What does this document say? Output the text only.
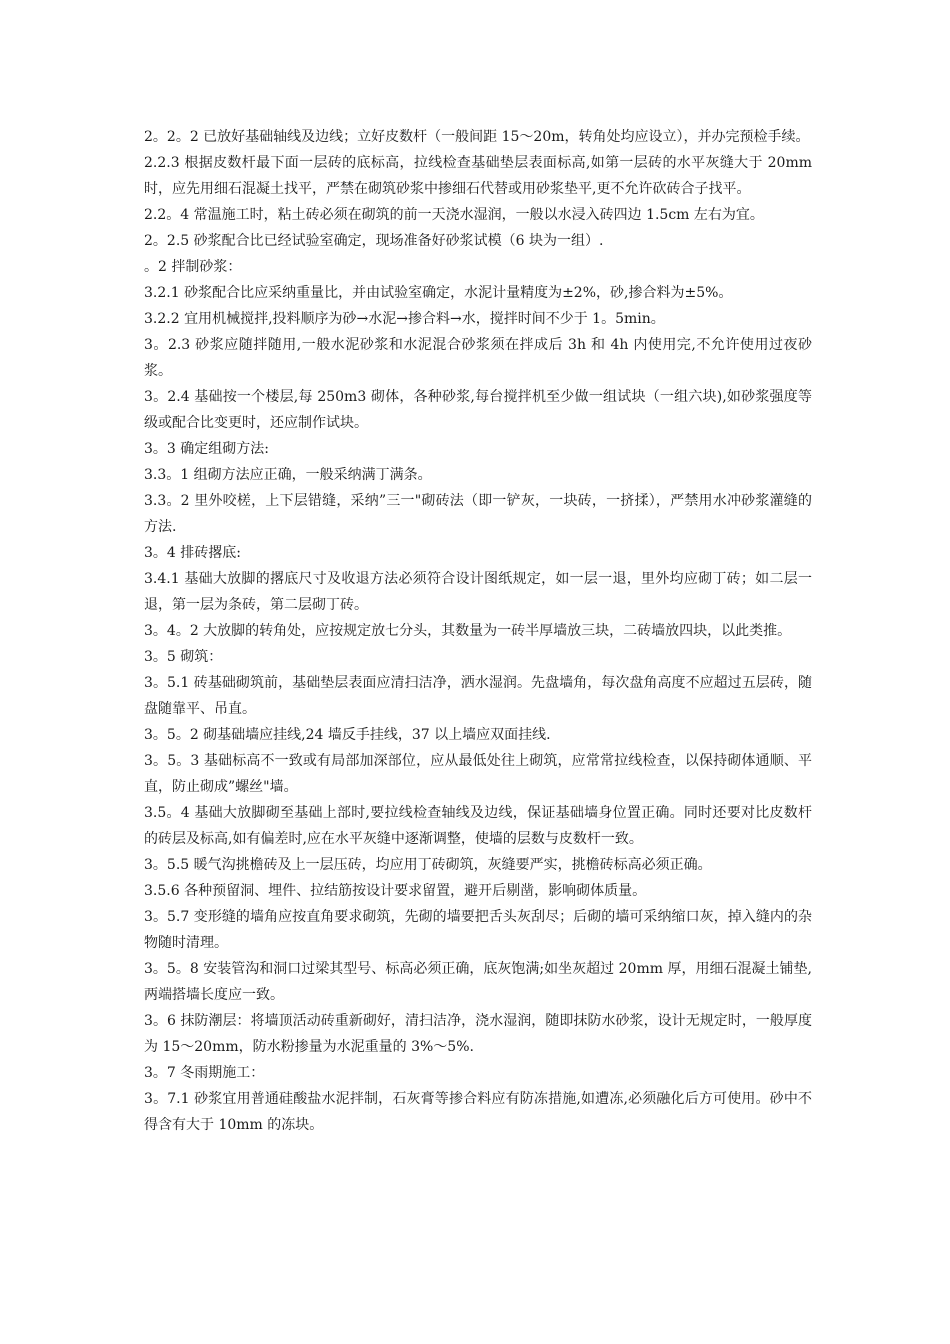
2。2。2 已放好基础轴线及边线；立好皮数杆（一般间距 15～20m，转角处均应设立），并办完预检手续。

2.2.3 根据皮数杆最下面一层砖的底标高，拉线检查基础垫层表面标高,如第一层砖的水平灰缝大于 20mm 时，应先用细石混凝土找平，严禁在砌筑砂浆中掺细石代替或用砂浆垫平,更不允许砍砖合子找平。

2.2。4 常温施工时，粘土砖必须在砌筑的前一天浇水湿润，一般以水浸入砖四边 1.5cm 左右为宜。

2。2.5 砂浆配合比已经试验室确定，现场准备好砂浆试模（6 块为一组）.

。2 拌制砂浆：

3.2.1 砂浆配合比应采纳重量比，并由试验室确定，水泥计量精度为±2%，砂,掺合料为±5%。

3.2.2 宜用机械搅拌,投料顺序为砂→水泥→掺合料→水，搅拌时间不少于 1。5min。

3。2.3 砂浆应随拌随用,一般水泥砂浆和水泥混合砂浆须在拌成后 3h 和 4h 内使用完,不允许使用过夜砂浆。

3。2.4 基础按一个楼层,每 250m3 砌体，各种砂浆,每台搅拌机至少做一组试块（一组六块),如砂浆强度等级或配合比变更时，还应制作试块。

3。3 确定组砌方法:

3.3。1 组砌方法应正确，一般采纳满丁满条。

3.3。2 里外咬槎，上下层错缝，采纳”三一"砌砖法（即一铲灰，一块砖，一挤揉），严禁用水冲砂浆灌缝的方法.

3。4 排砖撂底:

3.4.1 基础大放脚的撂底尺寸及收退方法必须符合设计图纸规定，如一层一退，里外均应砌丁砖；如二层一退，第一层为条砖，第二层砌丁砖。

3。4。2 大放脚的转角处，应按规定放七分头，其数量为一砖半厚墙放三块，二砖墙放四块，以此类推。

3。5 砌筑：

3。5.1 砖基础砌筑前，基础垫层表面应清扫洁净，洒水湿润。先盘墙角，每次盘角高度不应超过五层砖，随盘随靠平、吊直。

3。5。2 砌基础墙应挂线,24 墙反手挂线，37 以上墙应双面挂线.

3。5。3 基础标高不一致或有局部加深部位，应从最低处往上砌筑，应常常拉线检查，以保持砌体通顺、平直，防止砌成”螺丝"墙。

3.5。4 基础大放脚砌至基础上部时,要拉线检查轴线及边线，保证基础墙身位置正确。同时还要对比皮数杆的砖层及标高,如有偏差时,应在水平灰缝中逐渐调整，使墙的层数与皮数杆一致。

3。5.5 暖气沟挑檐砖及上一层压砖，均应用丁砖砌筑，灰缝要严实，挑檐砖标高必须正确。

3.5.6 各种预留洞、埋件、拉结筋按设计要求留置，避开后剔凿，影响砌体质量。

3。5.7 变形缝的墙角应按直角要求砌筑，先砌的墙要把舌头灰刮尽；后砌的墙可采纳缩口灰，掉入缝内的杂物随时清理。

3。5。8 安装管沟和洞口过梁其型号、标高必须正确，底灰饱满;如坐灰超过 20mm 厚，用细石混凝土铺垫,两端搭墙长度应一致。

3。6 抹防潮层：将墙顶活动砖重新砌好，清扫洁净，浇水湿润，随即抹防水砂浆，设计无规定时，一般厚度为 15～20mm，防水粉掺量为水泥重量的 3%～5%.

3。7 冬雨期施工：

3。7.1 砂浆宜用普通硅酸盐水泥拌制，石灰膏等掺合料应有防冻措施,如遭冻,必须融化后方可使用。砂中不得含有大于 10mm 的冻块。
